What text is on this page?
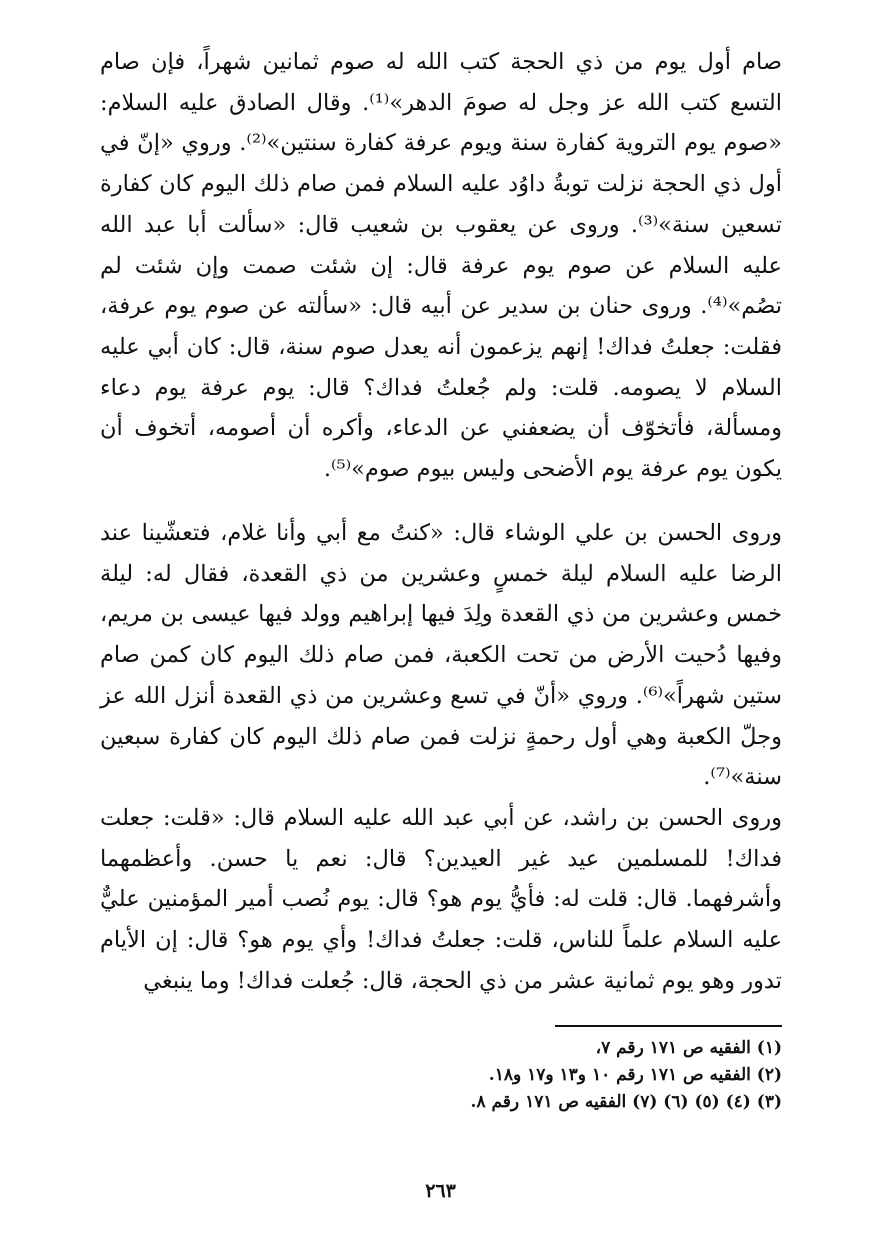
صام أول يوم من ذي الحجة كتب الله له صوم ثمانين شهراً، فإن صام التسع كتب الله عز وجل له صومَ الدهر»⁽¹⁾. وقال الصادق عليه السلام: «صوم يوم التروية كفارة سنة ويوم عرفة كفارة سنتين»⁽²⁾. وروي «إنّ في أول ذي الحجة نزلت توبةُ داوُد عليه السلام فمن صام ذلك اليوم كان كفارة تسعين سنة»⁽³⁾. وروى عن يعقوب بن شعيب قال: «سألت أبا عبد الله عليه السلام عن صوم يوم عرفة قال: إن شئت صمت وإن شئت لم تصُم»⁽⁴⁾. وروى حنان بن سدير عن أبيه قال: «سألته عن صوم يوم عرفة، فقلت: جعلتُ فداك! إنهم يزعمون أنه يعدل صوم سنة، قال: كان أبي عليه السلام لا يصومه. قلت: ولم جُعلتُ فداك؟ قال: يوم عرفة يوم دعاء ومسألة، فأتخوّف أن يضعفني عن الدعاء، وأكره أن أصومه، أتخوف أن يكون يوم عرفة يوم الأضحى وليس بيوم صوم»⁽⁵⁾.

وروى الحسن بن علي الوشاء قال: «كنتُ مع أبي وأنا غلام، فتعشّينا عند الرضا عليه السلام ليلة خمسٍ وعشرين من ذي القعدة، فقال له: ليلة خمس وعشرين من ذي القعدة ولِدَ فيها إبراهيم وولد فيها عيسى بن مريم، وفيها دُحيت الأرض من تحت الكعبة، فمن صام ذلك اليوم كان كمن صام ستين شهراً»⁽⁶⁾. وروي «أنّ في تسع وعشرين من ذي القعدة أنزل الله عز وجلّ الكعبة وهي أول رحمةٍ نزلت فمن صام ذلك اليوم كان كفارة سبعين سنة»⁽⁷⁾.

وروى الحسن بن راشد، عن أبي عبد الله عليه السلام قال: «قلت: جعلت فداك! للمسلمين عيد غير العيدين؟ قال: نعم يا حسن. وأعظمهما وأشرفهما. قال: قلت له: فأيُّ يوم هو؟ قال: يوم نُصب أمير المؤمنين عليٌّ عليه السلام علماً للناس، قلت: جعلتُ فداك! وأي يوم هو؟ قال: إن الأيام تدور وهو يوم ثمانية عشر من ذي الحجة، قال: جُعلت فداك! وما ينبغي

(١) الفقيه ص ١٧١ رقم ٧،
(٢) الفقيه ص ١٧١ رقم ١٠ و١٣ و١٧ و١٨.
(٣) (٤) (٥) (٦) (٧) الفقيه ص ١٧١ رقم ٨.
٢٦٣
